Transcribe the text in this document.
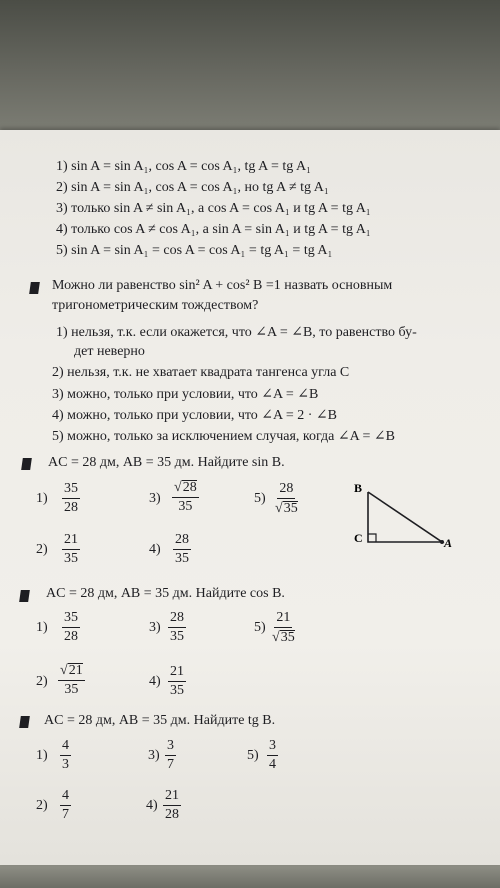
1) sin A = sin A₁, cos A = cos A₁, tg A = tg A₁
2) sin A = sin A₁, cos A = cos A₁, но tg A ≠ tg A₁
3) только sin A ≠ sin A₁, a cos A = cos A₁ и tg A = tg A₁
4) только cos A ≠ cos A₁, a sin A = sin A₁ и tg A = tg A₁
5) sin A = sin A₁ = cos A = cos A₁ = tg A₁ = tg A₁
Можно ли равенство sin² A + cos² B =1 назвать основным
тригонометрическим тождеством?
1) нельзя, т.к. если окажется, что ∠A = ∠B, то равенство бу-
дет неверно
2) нельзя, т.к. не хватает квадрата тангенса угла C
3) можно, только при условии, что ∠A = ∠B
4) можно, только при условии, что ∠A = 2 · ∠B
5) можно, только за исключением случая, когда ∠A = ∠B
AC = 28 дм, AB = 35 дм. Найдите sin B.
$1) \frac{35}{28}$
$2) \frac{21}{35}$
$3) \frac{√ 28}{35}$
$4) \frac{28}{35}$
$5) \frac{28}{√ 35}$	B
C	A
AC = 28 дм, AB = 35 дм. Найдите cos B.
$1) \frac{35}{28}$
$2) \frac{√ 21}{35}$
$3) \frac{28}{35}$
$4) \frac{21}{35}$
$5) \frac{21}{√ 35}$
AC = 28 дм, AB = 35 дм. Найдите tg B.
$1) \frac{4}{3}$
$2) \frac{4}{7}$
$3) \frac{3}{7}$
$4) \frac{21}{28}$
$5) \frac{3}{4}$
